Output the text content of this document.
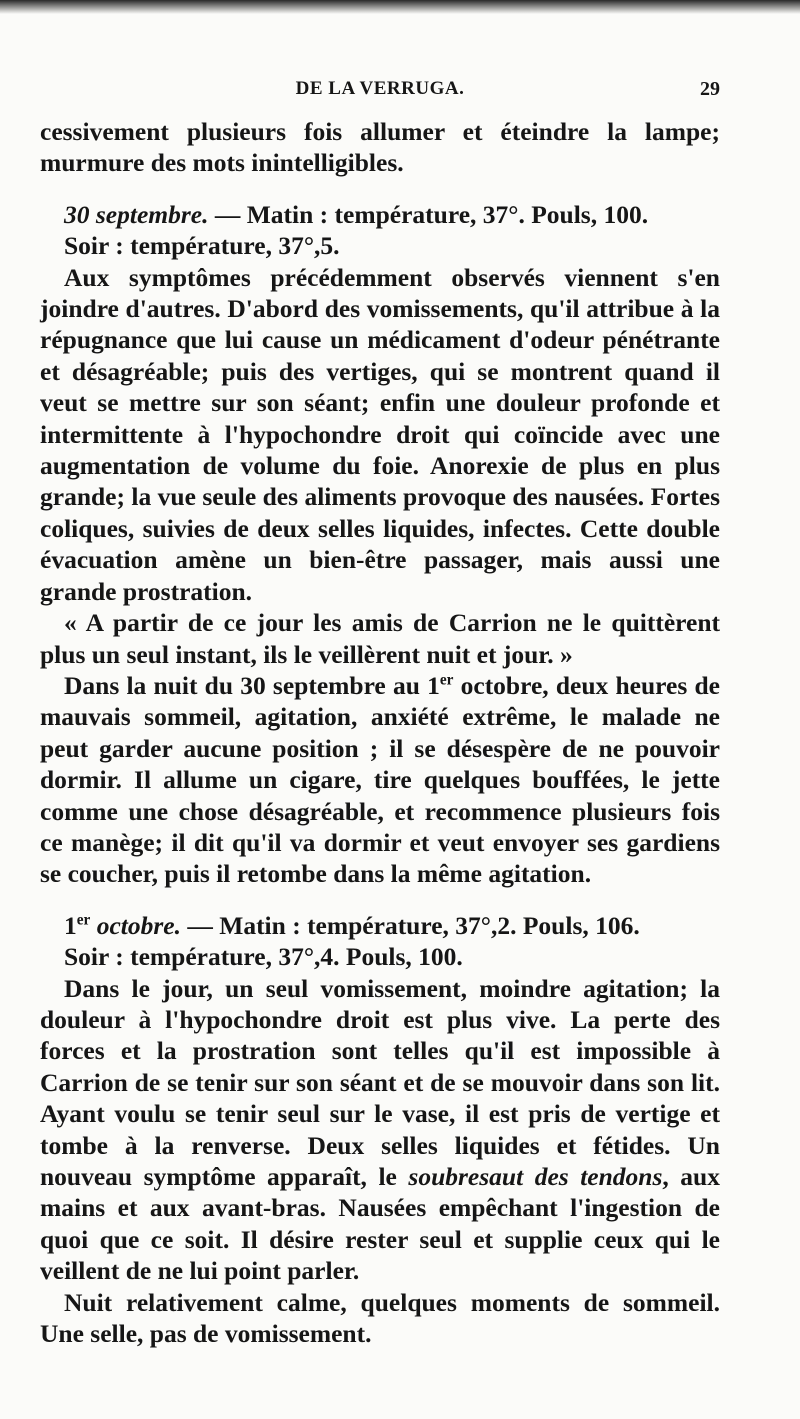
DE LA VERRUGA.	29

cessivement plusieurs fois allumer et éteindre la lampe; murmure des mots inintelligibles.

30 septembre. — Matin : température, 37°. Pouls, 100.

Soir : température, 37°,5.

Aux symptômes précédemment observés viennent s'en joindre d'autres. D'abord des vomissements, qu'il attribue à la répugnance que lui cause un médicament d'odeur pénétrante et désagréable; puis des vertiges, qui se montrent quand il veut se mettre sur son séant; enfin une douleur profonde et intermittente à l'hypochondre droit qui coïncide avec une augmentation de volume du foie. Anorexie de plus en plus grande; la vue seule des aliments provoque des nausées. Fortes coliques, suivies de deux selles liquides, infectes. Cette double évacuation amène un bien-être passager, mais aussi une grande prostration.

« A partir de ce jour les amis de Carrion ne le quittèrent plus un seul instant, ils le veillèrent nuit et jour. »

Dans la nuit du 30 septembre au 1er octobre, deux heures de mauvais sommeil, agitation, anxiété extrême, le malade ne peut garder aucune position ; il se désespère de ne pouvoir dormir. Il allume un cigare, tire quelques bouffées, le jette comme une chose désagréable, et recommence plusieurs fois ce manège; il dit qu'il va dormir et veut envoyer ses gardiens se coucher, puis il retombe dans la même agitation.

1er octobre. — Matin : température, 37°,2. Pouls, 106.

Soir : température, 37°,4. Pouls, 100.

Dans le jour, un seul vomissement, moindre agitation; la douleur à l'hypochondre droit est plus vive. La perte des forces et la prostration sont telles qu'il est impossible à Carrion de se tenir sur son séant et de se mouvoir dans son lit. Ayant voulu se tenir seul sur le vase, il est pris de vertige et tombe à la renverse. Deux selles liquides et fétides. Un nouveau symptôme apparaît, le soubresaut des tendons, aux mains et aux avant-bras. Nausées empêchant l'ingestion de quoi que ce soit. Il désire rester seul et supplie ceux qui le veillent de ne lui point parler.

Nuit relativement calme, quelques moments de sommeil. Une selle, pas de vomissement.
